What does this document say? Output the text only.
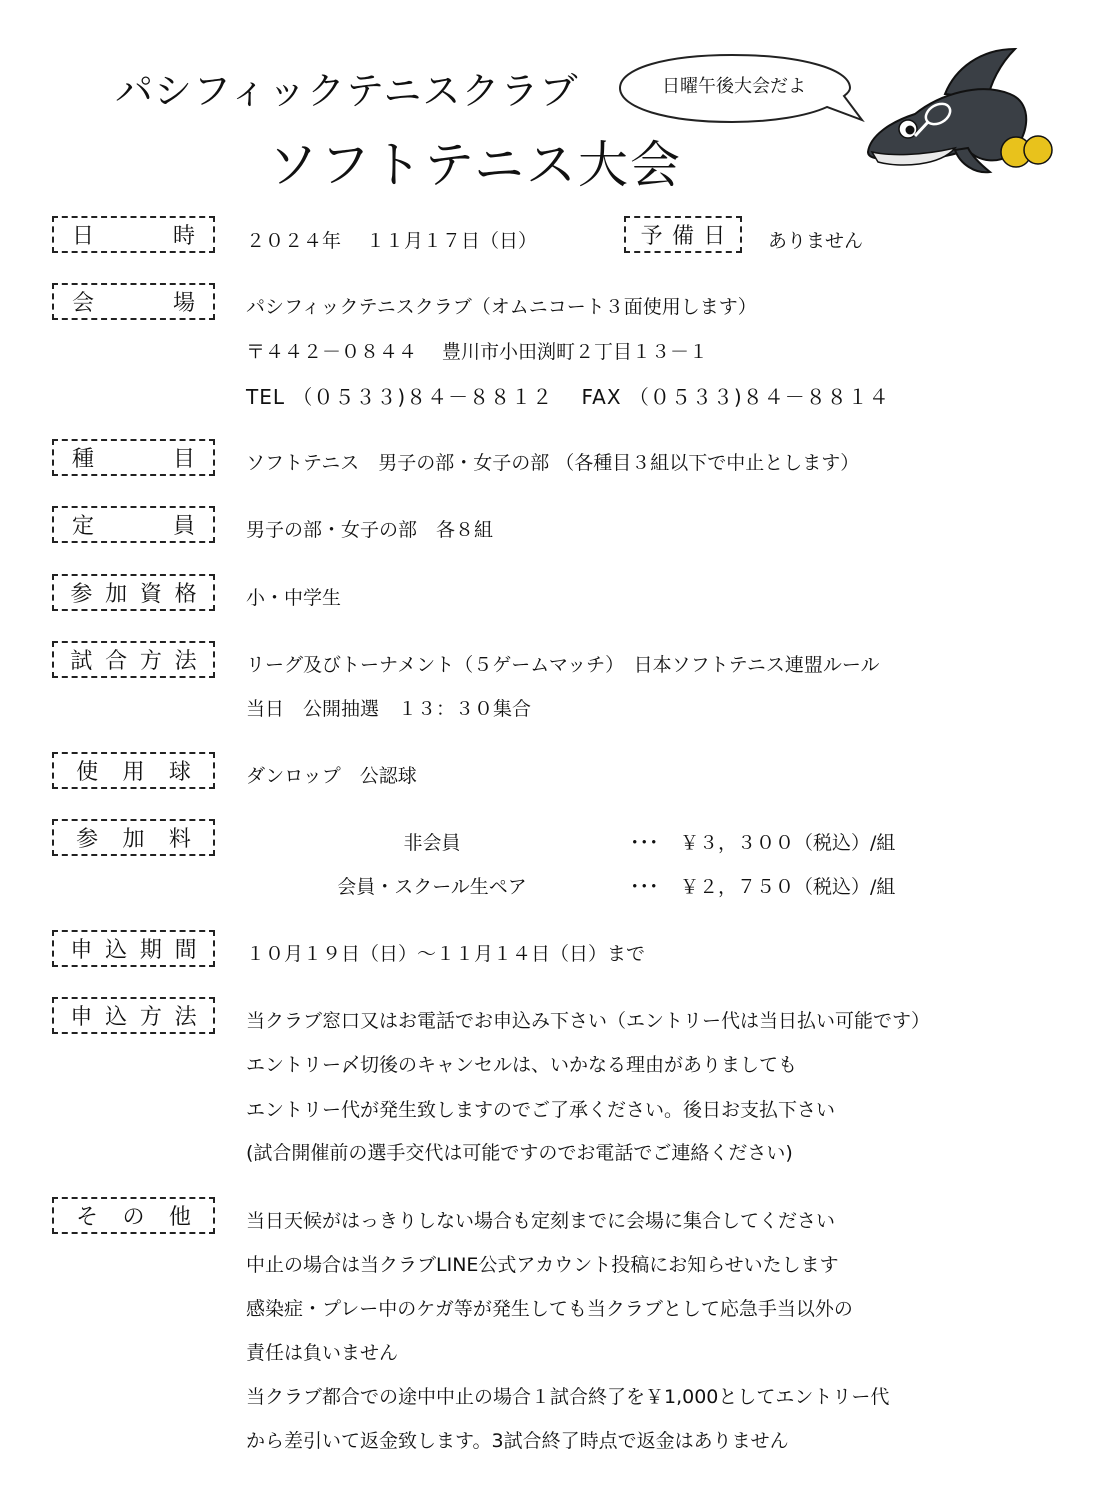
パシフィックテニスクラブ
ソフトテニス大会
日曜午後大会だよ
日	時	２０２４年　 １１月１７日（日）	予 備 日 ありません
会	場	パシフィックテニスクラブ（オムニコート３面使用します）
〒４４２－０８４４　 豊川市小田渕町２丁目１３－１
TEL （０５３３)８４－８８１２　 FAX （０５３３)８４－８８１４
種	目	ソフトテニス　男子の部・女子の部 （各種目３組以下で中止とします）
定	員	男子の部・女子の部　各８組
参 加 資 格	小・中学生
試 合 方 法	リーグ及びトーナメント（５ゲームマッチ）　日本ソフトテニス連盟ルール
当日　公開抽選　１３：３０集合
使 用 球	ダンロップ　公認球
参 加 料	非会員	･･･ ￥３，３００（税込）/組
会員・スクール生ペア	･･･ ￥２，７５０（税込）/組
申 込 期 間	１０月１９日（日）～１１月１４日（日）まで
申 込 方 法	当クラブ窓口又はお電話でお申込み下さい（エントリー代は当日払い可能です）
エントリー〆切後のキャンセルは、いかなる理由がありましても
エントリー代が発生致しますのでご了承ください。後日お支払下さい
(試合開催前の選手交代は可能ですのでお電話でご連絡ください)
そ の 他	当日天候がはっきりしない場合も定刻までに会場に集合してください
中止の場合は当クラブLINE公式アカウント投稿にお知らせいたします
感染症・プレー中のケガ等が発生しても当クラブとして応急手当以外の
責任は負いません
当クラブ都合での途中中止の場合１試合終了を￥1,000としてエントリー代
から差引いて返金致します。3試合終了時点で返金はありません
